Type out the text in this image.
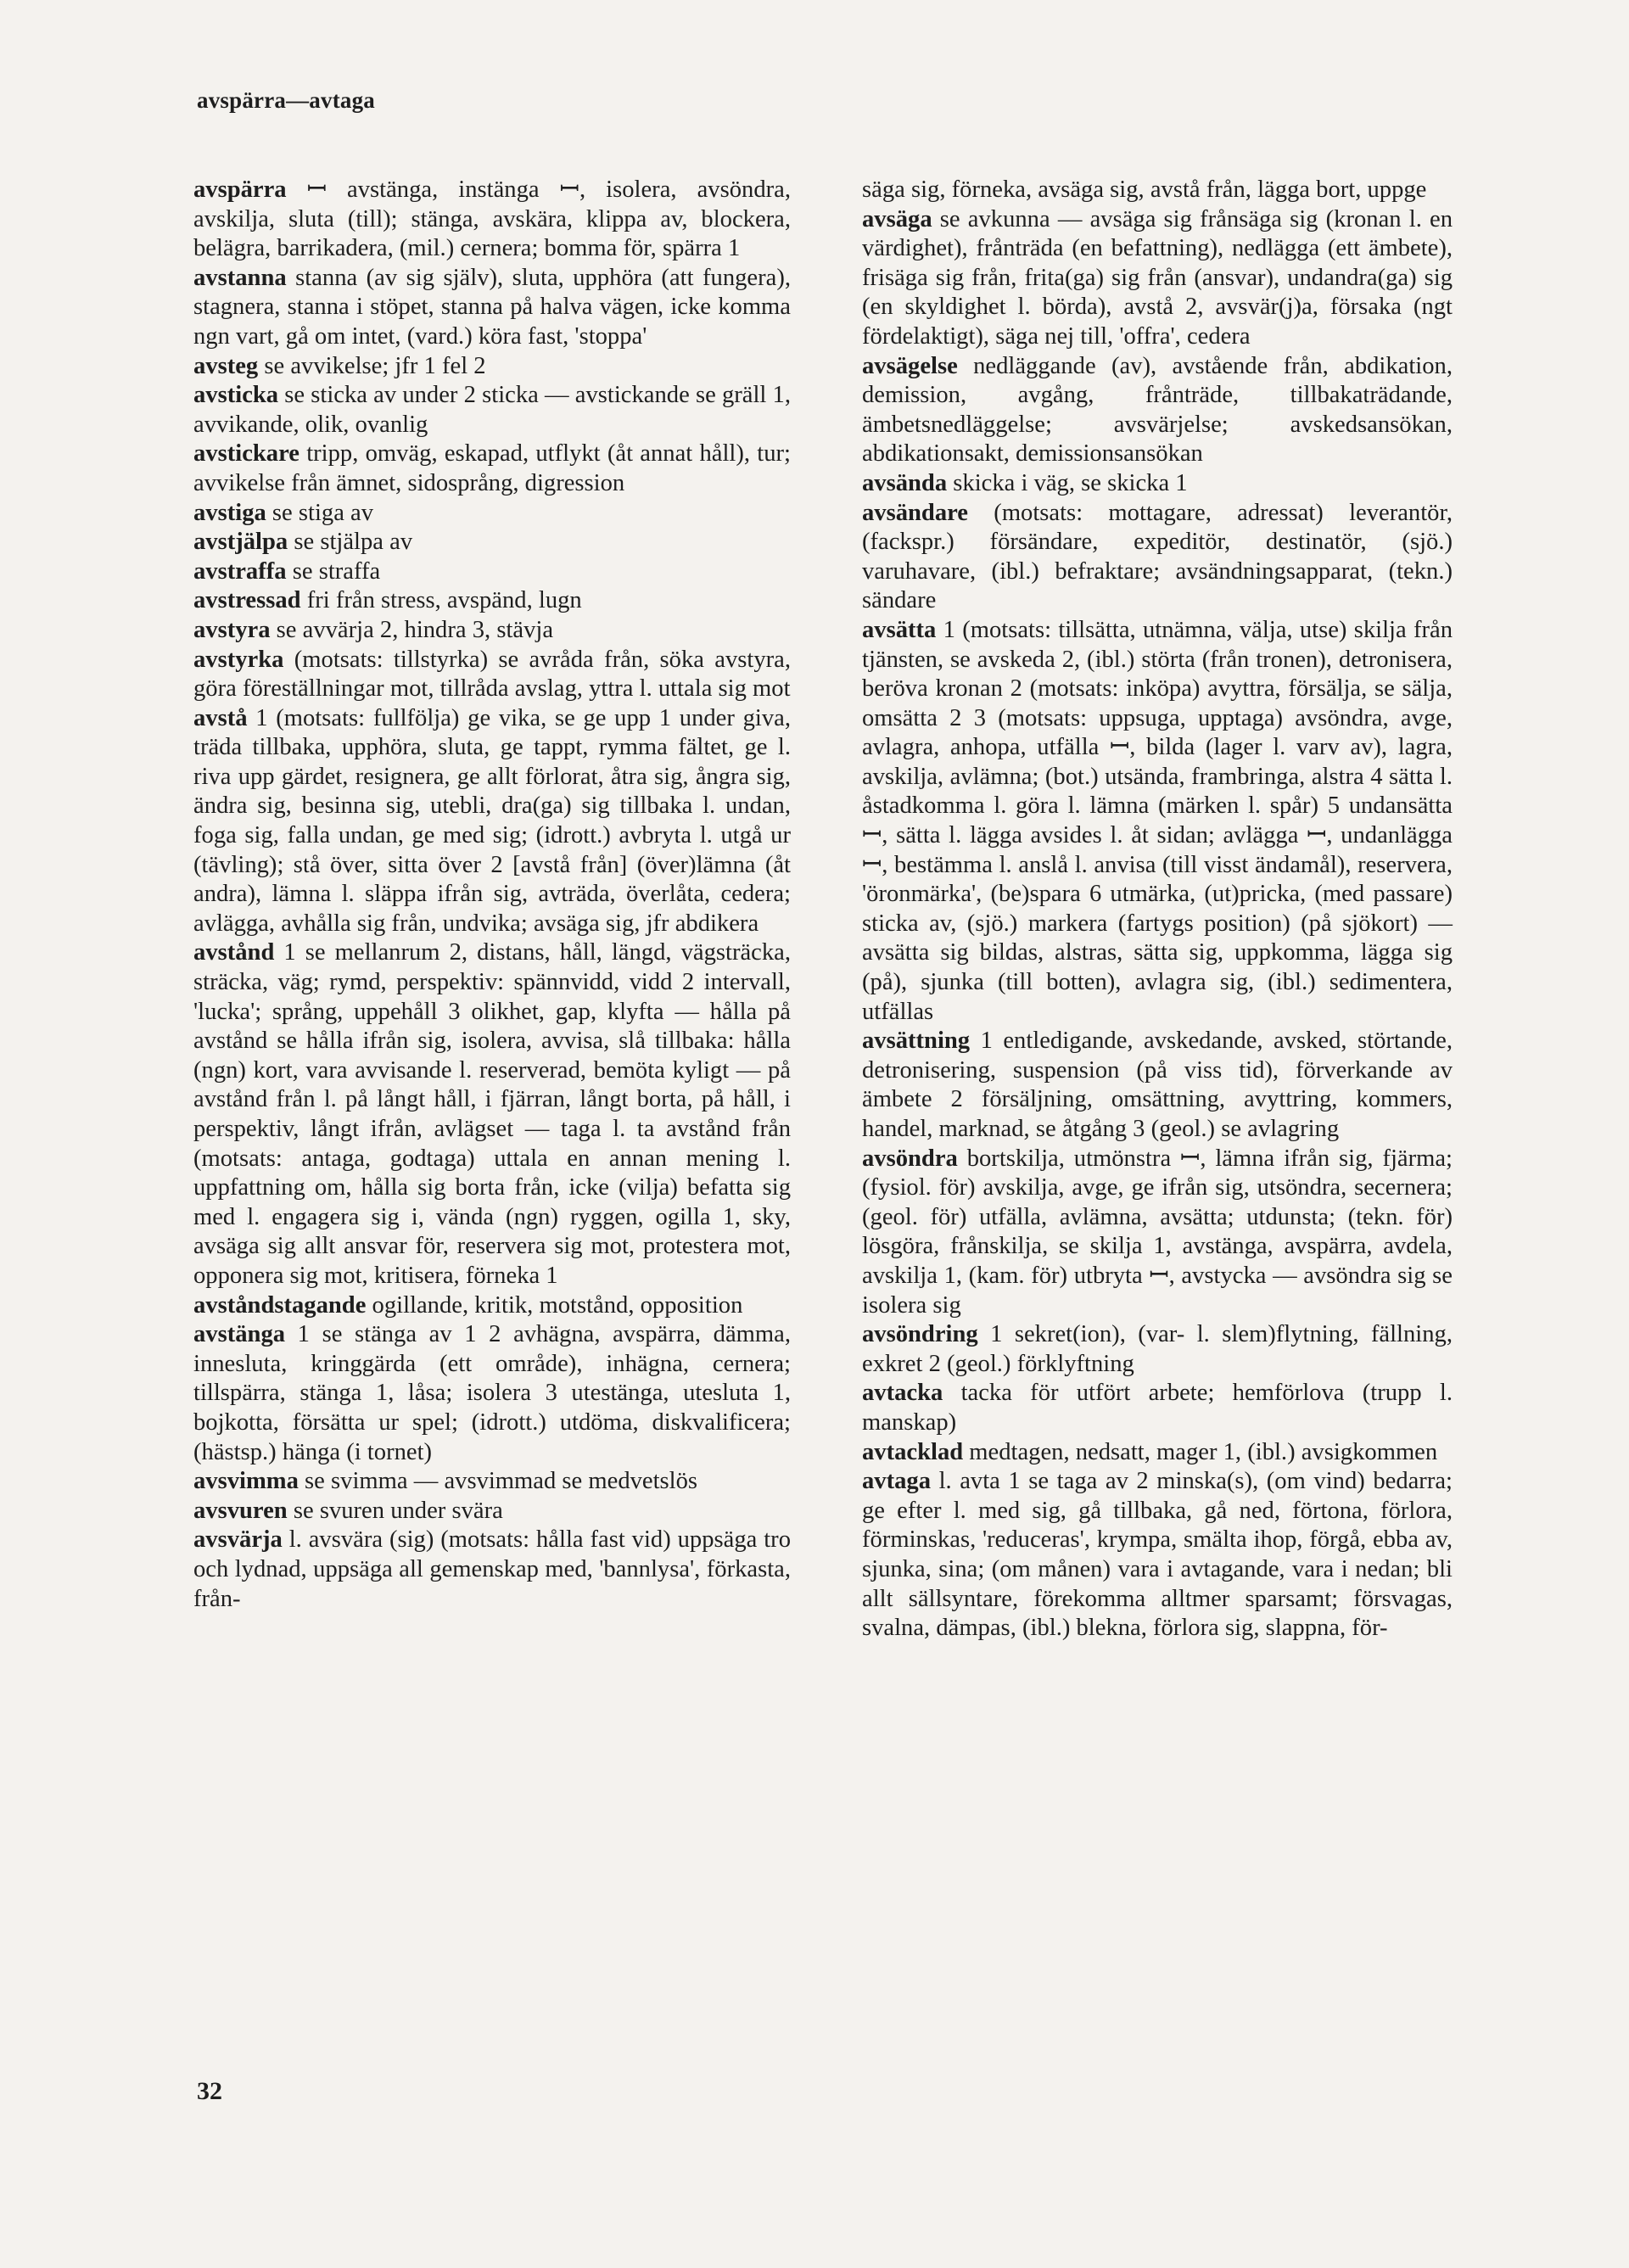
avspärra—avtaga
avspärra ꟷ avstänga, instänga ꟷ, isolera, avsöndra, avskilja, sluta (till); stänga, avskära, klippa av, blockera, belägra, barrikadera, (mil.) cernera; bomma för, spärra 1
avstanna stanna (av sig själv), sluta, upphöra (att fungera), stagnera, stanna i stöpet, stanna på halva vägen, icke komma ngn vart, gå om intet, (vard.) köra fast, 'stoppa'
avsteg se avvikelse; jfr 1 fel 2
avsticka se sticka av under 2 sticka — avstickande se gräll 1, avvikande, olik, ovanlig
avstickare tripp, omväg, eskapad, utflykt (åt annat håll), tur; avvikelse från ämnet, sidosprång, digression
avstiga se stiga av
avstjälpa se stjälpa av
avstraffa se straffa
avstressad fri från stress, avspänd, lugn
avstyra se avvärja 2, hindra 3, stävja
avstyrka (motsats: tillstyrka) se avråda från, söka avstyra, göra föreställningar mot, tillråda avslag, yttra l. uttala sig mot
avstå 1 (motsats: fullfölja) ge vika, se ge upp 1 under giva, träda tillbaka, upphöra, sluta, ge tappt, rymma fältet, ge l. riva upp gärdet, resignera, ge allt förlorat, åtra sig, ångra sig, ändra sig, besinna sig, utebli, dra(ga) sig tillbaka l. undan, foga sig, falla undan, ge med sig; (idrott.) avbryta l. utgå ur (tävling); stå över, sitta över 2 [avstå från] (över)lämna (åt andra), lämna l. släppa ifrån sig, avträda, överlåta, cedera; avlägga, avhålla sig från, undvika; avsäga sig, jfr abdikera
avstånd 1 se mellanrum 2, distans, håll, längd, vägsträcka, sträcka, väg; rymd, perspektiv: spännvidd, vidd 2 intervall, 'lucka'; språng, uppehåll 3 olikhet, gap, klyfta — hålla på avstånd se hålla ifrån sig, isolera, avvisa, slå tillbaka: hålla (ngn) kort, vara avvisande l. reserverad, bemöta kyligt — på avstånd från l. på långt håll, i fjärran, långt borta, på håll, i perspektiv, långt ifrån, avlägset — taga l. ta avstånd från (motsats: antaga, godtaga) uttala en annan mening l. uppfattning om, hålla sig borta från, icke (vilja) befatta sig med l. engagera sig i, vända (ngn) ryggen, ogilla 1, sky, avsäga sig allt ansvar för, reservera sig mot, protestera mot, opponera sig mot, kritisera, förneka 1
avståndstagande ogillande, kritik, motstånd, opposition
avstänga 1 se stänga av 1 2 avhägna, avspärra, dämma, innesluta, kringgärda (ett område), inhägna, cernera; tillspärra, stänga 1, låsa; isolera 3 utestänga, utesluta 1, bojkotta, försätta ur spel; (idrott.) utdöma, diskvalificera; (hästsp.) hänga (i tornet)
avsvimma se svimma — avsvimmad se medvetslös
avsvuren se svuren under svära
avsvärja l. avsvära (sig) (motsats: hålla fast vid) uppsäga tro och lydnad, uppsäga all gemenskap med, 'bannlysa', förkasta, från-
säga sig, förneka, avsäga sig, avstå från, lägga bort, uppge
avsäga se avkunna — avsäga sig frånsäga sig (kronan l. en värdighet), frånträda (en befattning), nedlägga (ett ämbete), frisäga sig från, frita(ga) sig från (ansvar), undandra(ga) sig (en skyldighet l. börda), avstå 2, avsvär(j)a, försaka (ngt fördelaktigt), säga nej till, 'offra', cedera
avsägelse nedläggande (av), avstående från, abdikation, demission, avgång, frånträde, tillbakaträdande, ämbetsnedläggelse; avsvärjelse; avskedsansökan, abdikationsakt, demissionsansökan
avsända skicka i väg, se skicka 1
avsändare (motsats: mottagare, adressat) leverantör, (fackspr.) försändare, expeditör, destinatör, (sjö.) varuhavare, (ibl.) befraktare; avsändningsapparat, (tekn.) sändare
avsätta 1 (motsats: tillsätta, utnämna, välja, utse) skilja från tjänsten, se avskeda 2, (ibl.) störta (från tronen), detronisera, beröva kronan 2 (motsats: inköpa) avyttra, försälja, se sälja, omsätta 2 3 (motsats: uppsuga, upptaga) avsöndra, avge, avlagra, anhopa, utfälla ꟷ, bilda (lager l. varv av), lagra, avskilja, avlämna; (bot.) utsända, frambringa, alstra 4 sätta l. åstadkomma l. göra l. lämna (märken l. spår) 5 undansätta ꟷ, sätta l. lägga avsides l. åt sidan; avlägga ꟷ, undanlägga ꟷ, bestämma l. anslå l. anvisa (till visst ändamål), reservera, 'öronmärka', (be)spara 6 utmärka, (ut)pricka, (med passare) sticka av, (sjö.) markera (fartygs position) (på sjökort) — avsätta sig bildas, alstras, sätta sig, uppkomma, lägga sig (på), sjunka (till botten), avlagra sig, (ibl.) sedimentera, utfällas
avsättning 1 entledigande, avskedande, avsked, störtande, detronisering, suspension (på viss tid), förverkande av ämbete 2 försäljning, omsättning, avyttring, kommers, handel, marknad, se åtgång 3 (geol.) se avlagring
avsöndra bortskilja, utmönstra ꟷ, lämna ifrån sig, fjärma; (fysiol. för) avskilja, avge, ge ifrån sig, utsöndra, secernera; (geol. för) utfälla, avlämna, avsätta; utdunsta; (tekn. för) lösgöra, frånskilja, se skilja 1, avstänga, avspärra, avdela, avskilja 1, (kam. för) utbryta ꟷ, avstycka — avsöndra sig se isolera sig
avsöndring 1 sekret(ion), (var- l. slem)flytning, fällning, exkret 2 (geol.) förklyftning
avtacka tacka för utfört arbete; hemförlova (trupp l. manskap)
avtacklad medtagen, nedsatt, mager 1, (ibl.) avsigkommen
avtaga l. avta 1 se taga av 2 minska(s), (om vind) bedarra; ge efter l. med sig, gå tillbaka, gå ned, förtona, förlora, förminskas, 'reduceras', krympa, smälta ihop, förgå, ebba av, sjunka, sina; (om månen) vara i avtagande, vara i nedan; bli allt sällsyntare, förekomma alltmer sparsamt; försvagas, svalna, dämpas, (ibl.) blekna, förlora sig, slappna, för-
32
